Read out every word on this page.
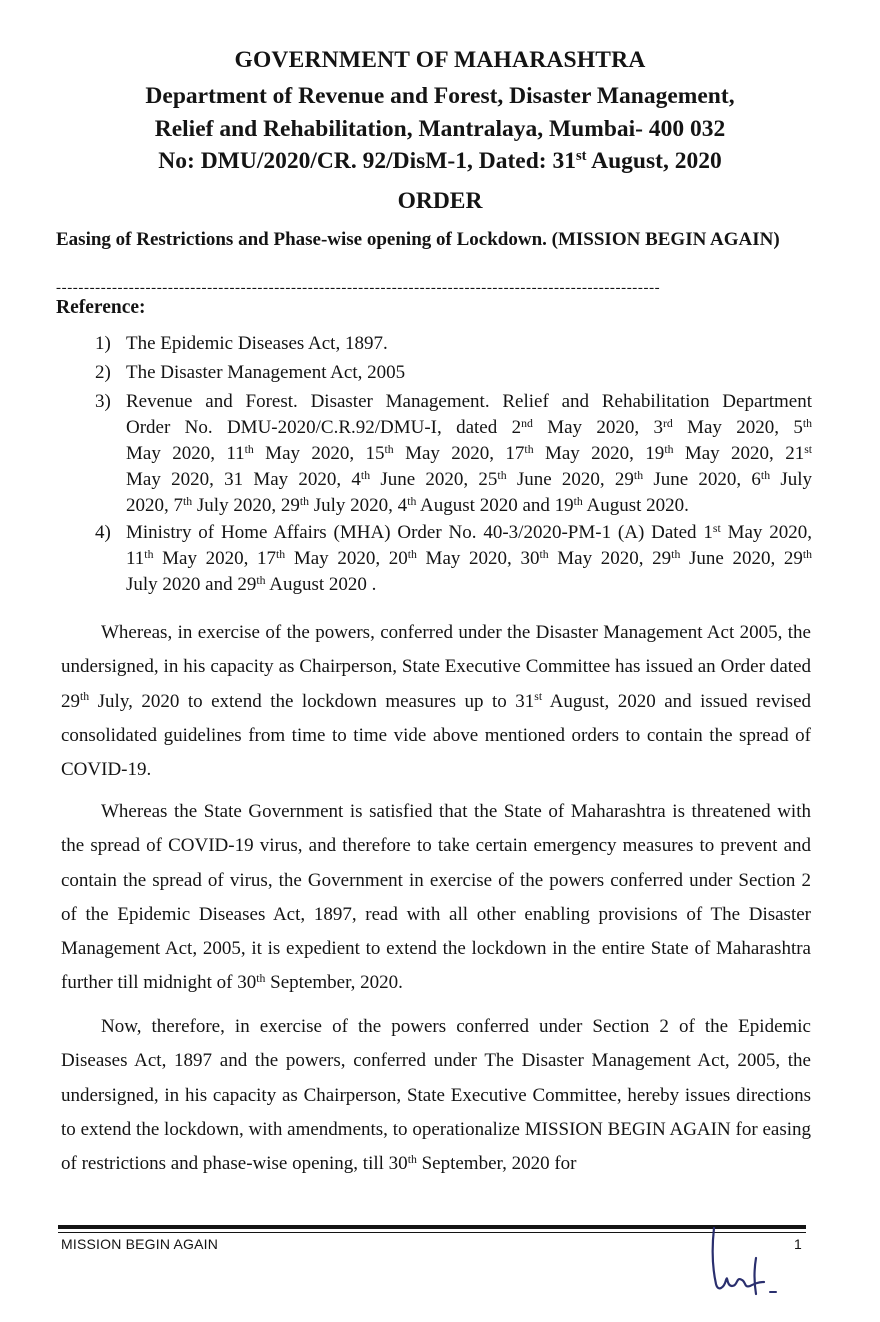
GOVERNMENT OF MAHARASHTRA
Department of Revenue and Forest, Disaster Management,
Relief and Rehabilitation, Mantralaya, Mumbai- 400 032
No: DMU/2020/CR. 92/DisM-1, Dated: 31st August, 2020
ORDER
Easing of Restrictions and Phase-wise opening of Lockdown. (MISSION BEGIN AGAIN)
------------------------------------------------------------------------------------------------------------
Reference:
1) The Epidemic Diseases Act, 1897.
2) The Disaster Management Act, 2005
3) Revenue and Forest. Disaster Management. Relief and Rehabilitation Department
Order No. DMU-2020/C.R.92/DMU-I, dated 2nd May 2020, 3rd May 2020, 5th
May 2020, 11th May 2020, 15th May 2020, 17th May 2020, 19th May 2020, 21st
May 2020, 31 May 2020, 4th June 2020, 25th June 2020, 29th June 2020, 6th July
2020, 7th July 2020, 29th July 2020, 4th August 2020 and 19th August 2020.
4) Ministry of Home Affairs (MHA) Order No. 40-3/2020-PM-1 (A) Dated 1st May 2020,
11th May 2020, 17th May 2020, 20th May 2020, 30th May 2020, 29th June 2020, 29th
July 2020 and 29th August 2020 .
Whereas, in exercise of the powers, conferred under the Disaster Management Act 2005, the undersigned, in his capacity as Chairperson, State Executive Committee has issued an Order dated 29th July, 2020 to extend the lockdown measures up to 31st August, 2020 and issued revised consolidated guidelines from time to time vide above mentioned orders to contain the spread of COVID-19.
Whereas the State Government is satisfied that the State of Maharashtra is threatened with the spread of COVID-19 virus, and therefore to take certain emergency measures to prevent and contain the spread of virus, the Government in exercise of the powers conferred under Section 2 of the Epidemic Diseases Act, 1897, read with all other enabling provisions of The Disaster Management Act, 2005, it is expedient to extend the lockdown in the entire State of Maharashtra further till midnight of 30th September, 2020.
Now, therefore, in exercise of the powers conferred under Section 2 of the Epidemic Diseases Act, 1897 and the powers, conferred under The Disaster Management Act, 2005, the undersigned, in his capacity as Chairperson, State Executive Committee, hereby issues directions to extend the lockdown, with amendments, to operationalize MISSION BEGIN AGAIN for easing of restrictions and phase-wise opening, till 30th September, 2020 for
MISSION BEGIN AGAIN	1
